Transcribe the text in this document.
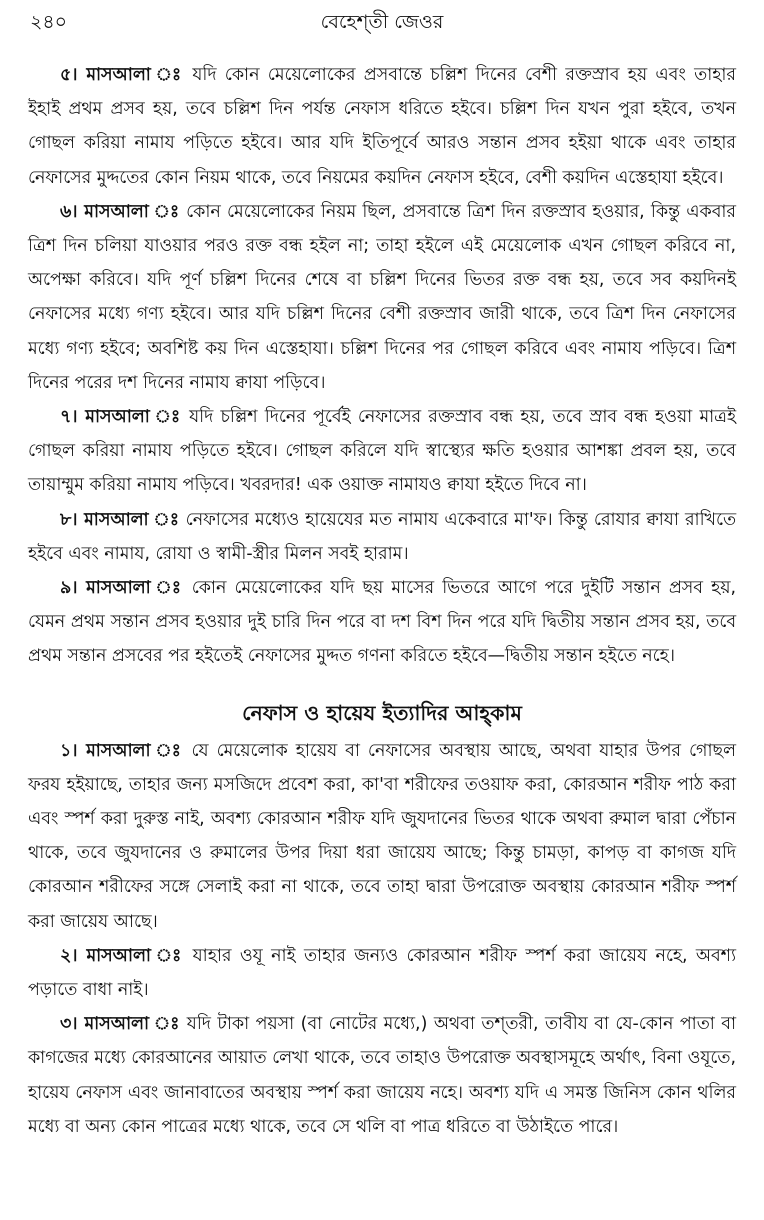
২৪০	বেহেশ্‌তী জেওর

৫। মাসআলা ঃ যদি কোন মেয়েলোকের প্রসবান্তে চল্লিশ দিনের বেশী রক্তস্রাব হয় এবং তাহার ইহাই প্রথম প্রসব হয়, তবে চল্লিশ দিন পর্যন্ত নেফাস ধরিতে হইবে। চল্লিশ দিন যখন পুরা হইবে, তখন গোছল করিয়া নামায পড়িতে হইবে। আর যদি ইতিপূর্বে আরও সন্তান প্রসব হইয়া থাকে এবং তাহার নেফাসের মুদ্দতের কোন নিয়ম থাকে, তবে নিয়মের কয়দিন নেফাস হইবে, বেশী কয়দিন এস্তেহাযা হইবে।

৬। মাসআলা ঃ কোন মেয়েলোকের নিয়ম ছিল, প্রসবান্তে ত্রিশ দিন রক্তস্রাব হওয়ার, কিন্তু একবার ত্রিশ দিন চলিয়া যাওয়ার পরও রক্ত বন্ধ হইল না; তাহা হইলে এই মেয়েলোক এখন গোছল করিবে না, অপেক্ষা করিবে। যদি পূর্ণ চল্লিশ দিনের শেষে বা চল্লিশ দিনের ভিতর রক্ত বন্ধ হয়, তবে সব কয়দিনই নেফাসের মধ্যে গণ্য হইবে। আর যদি চল্লিশ দিনের বেশী রক্তস্রাব জারী থাকে, তবে ত্রিশ দিন নেফাসের মধ্যে গণ্য হইবে; অবশিষ্ট কয় দিন এস্তেহাযা। চল্লিশ দিনের পর গোছল করিবে এবং নামায পড়িবে। ত্রিশ দিনের পরের দশ দিনের নামায ক্বাযা পড়িবে।

৭। মাসআলা ঃ যদি চল্লিশ দিনের পূর্বেই নেফাসের রক্তস্রাব বন্ধ হয়, তবে স্রাব বন্ধ হওয়া মাত্রই গোছল করিয়া নামায পড়িতে হইবে। গোছল করিলে যদি স্বাস্থ্যের ক্ষতি হওয়ার আশঙ্কা প্রবল হয়, তবে তায়াম্মুম করিয়া নামায পড়িবে। খবরদার! এক ওয়াক্ত নামাযও ক্বাযা হইতে দিবে না।

৮। মাসআলা ঃ নেফাসের মধ্যেও হায়েযের মত নামায একেবারে মা'ফ। কিন্তু রোযার ক্বাযা রাখিতে হইবে এবং নামায, রোযা ও স্বামী-স্ত্রীর মিলন সবই হারাম।

৯। মাসআলা ঃ কোন মেয়েলোকের যদি ছয় মাসের ভিতরে আগে পরে দুইটি সন্তান প্রসব হয়, যেমন প্রথম সন্তান প্রসব হওয়ার দুই চারি দিন পরে বা দশ বিশ দিন পরে যদি দ্বিতীয় সন্তান প্রসব হয়, তবে প্রথম সন্তান প্রসবের পর হইতেই নেফাসের মুদ্দত গণনা করিতে হইবে—দ্বিতীয় সন্তান হইতে নহে।

নেফাস ও হায়েয ইত্যাদির আহ্‌কাম

১। মাসআলা ঃ যে মেয়েলোক হায়েয বা নেফাসের অবস্থায় আছে, অথবা যাহার উপর গোছল ফরয হইয়াছে, তাহার জন্য মসজিদে প্রবেশ করা, কা'বা শরীফের তওয়াফ করা, কোরআন শরীফ পাঠ করা এবং স্পর্শ করা দুরুস্ত নাই, অবশ্য কোরআন শরীফ যদি জুযদানের ভিতর থাকে অথবা রুমাল দ্বারা পেঁচান থাকে, তবে জুযদানের ও রুমালের উপর দিয়া ধরা জায়েয আছে; কিন্তু চামড়া, কাপড় বা কাগজ যদি কোরআন শরীফের সঙ্গে সেলাই করা না থাকে, তবে তাহা দ্বারা উপরোক্ত অবস্থায় কোরআন শরীফ স্পর্শ করা জায়েয আছে।

২। মাসআলা ঃ যাহার ওযূ নাই তাহার জন্যও কোরআন শরীফ স্পর্শ করা জায়েয নহে, অবশ্য পড়াতে বাধা নাই।

৩। মাসআলা ঃ যদি টাকা পয়সা (বা নোটের মধ্যে,) অথবা তশ্‌তরী, তাবীয বা যে-কোন পাতা বা কাগজের মধ্যে কোরআনের আয়াত লেখা থাকে, তবে তাহাও উপরোক্ত অবস্থাসমূহে অর্থাৎ, বিনা ওযূতে, হায়েয নেফাস এবং জানাবাতের অবস্থায় স্পর্শ করা জায়েয নহে। অবশ্য যদি এ সমস্ত জিনিস কোন থলির মধ্যে বা অন্য কোন পাত্রের মধ্যে থাকে, তবে সে থলি বা পাত্র ধরিতে বা উঠাইতে পারে।
